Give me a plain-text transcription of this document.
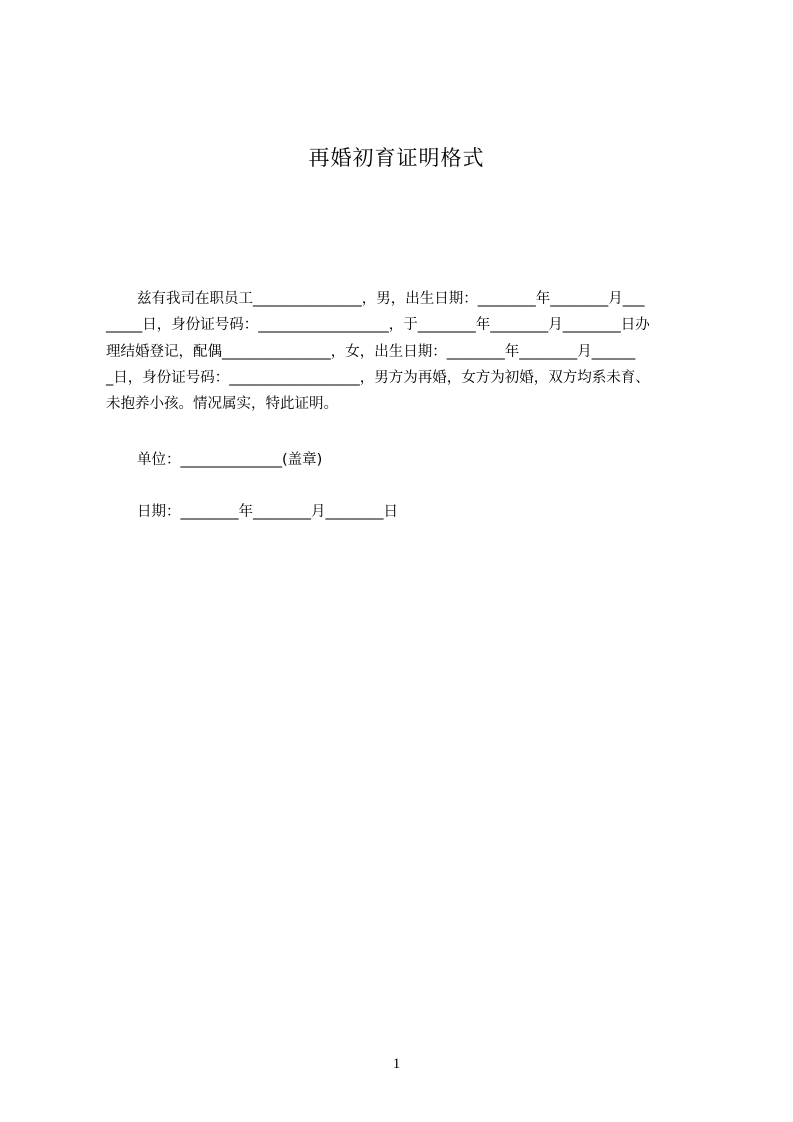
再婚初育证明格式
兹有我司在职员工_______________，男，出生日期：________年________月___
_____日，身份证号码：__________________，于________年________月________日办
理结婚登记，配偶_______________，女，出生日期：________年________月______
_日，身份证号码：__________________，男方为再婚，女方为初婚，双方均系未育、
未抱养小孩。情况属实，特此证明。
单位：______________(盖章)
日期：________年________月________日
1
